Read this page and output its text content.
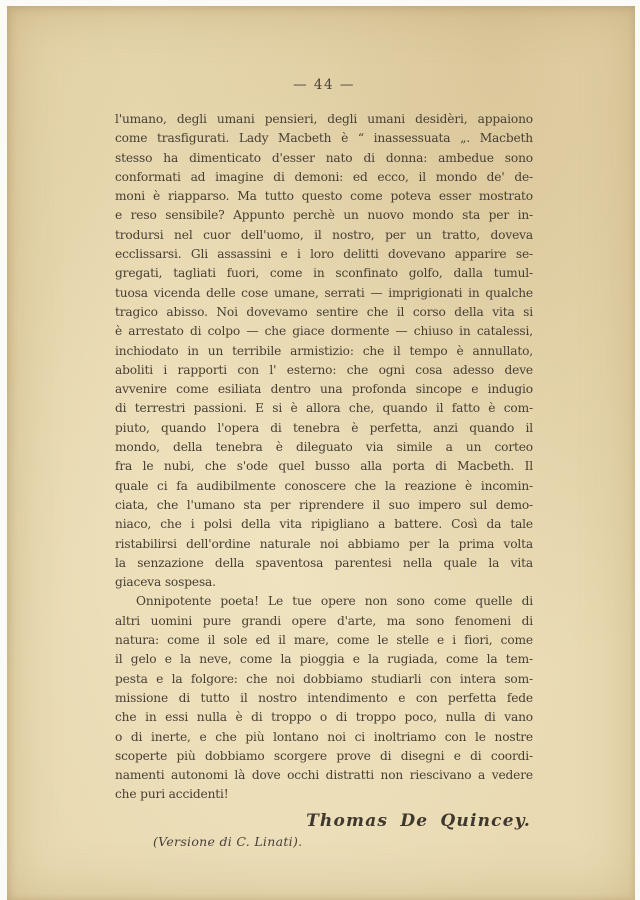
— 44 —
l'umano, degli umani pensieri, degli umani desidèri, appaiono
come trasfigurati. Lady Macbeth è “ inassessuata „. Macbeth
stesso ha dimenticato d'esser nato di donna: ambedue sono
conformati ad imagine di demoni: ed ecco, il mondo de' de-
moni è riapparso. Ma tutto questo come poteva esser mostrato
e reso sensibile? Appunto perchè un nuovo mondo sta per in-
trodursi nel cuor dell'uomo, il nostro, per un tratto, doveva
ecclissarsi. Gli assassini e i loro delitti dovevano apparire se-
gregati, tagliati fuori, come in sconfinato golfo, dalla tumul-
tuosa vicenda delle cose umane, serrati — imprigionati in qualche
tragico abisso. Noi dovevamo sentire che il corso della vita si
è arrestato di colpo — che giace dormente — chiuso in catalessi,
inchiodato in un terribile armistizio: che il tempo è annullato,
aboliti i rapporti con l' esterno: che ogni cosa adesso deve
avvenire come esiliata dentro una profonda sincope e indugio
di terrestri passioni. E si è allora che, quando il fatto è com-
piuto, quando l'opera di tenebra è perfetta, anzi quando il
mondo, della tenebra è dileguato via simile a un corteo
fra le nubi, che s'ode quel busso alla porta di Macbeth. Il
quale ci fa audibilmente conoscere che la reazione è incomin-
ciata, che l'umano sta per riprendere il suo impero sul demo-
niaco, che i polsi della vita ripigliano a battere. Così da tale
ristabilirsi dell'ordine naturale noi abbiamo per la prima volta
la senzazione della spaventosa parentesi nella quale la vita
giaceva sospesa.
Onnipotente poeta! Le tue opere non sono come quelle di
altri uomini pure grandi opere d'arte, ma sono fenomeni di
natura: come il sole ed il mare, come le stelle e i fiori, come
il gelo e la neve, come la pioggia e la rugiada, come la tem-
pesta e la folgore: che noi dobbiamo studiarli con intera som-
missione di tutto il nostro intendimento e con perfetta fede
che in essi nulla è di troppo o di troppo poco, nulla di vano
o di inerte, e che più lontano noi ci inoltriamo con le nostre
scoperte più dobbiamo scorgere prove di disegni e di coordi-
namenti autonomi là dove occhi distratti non riescivano a vedere
che puri accidenti!
Thomas De Quincey.
(Versione di C. Linati).
